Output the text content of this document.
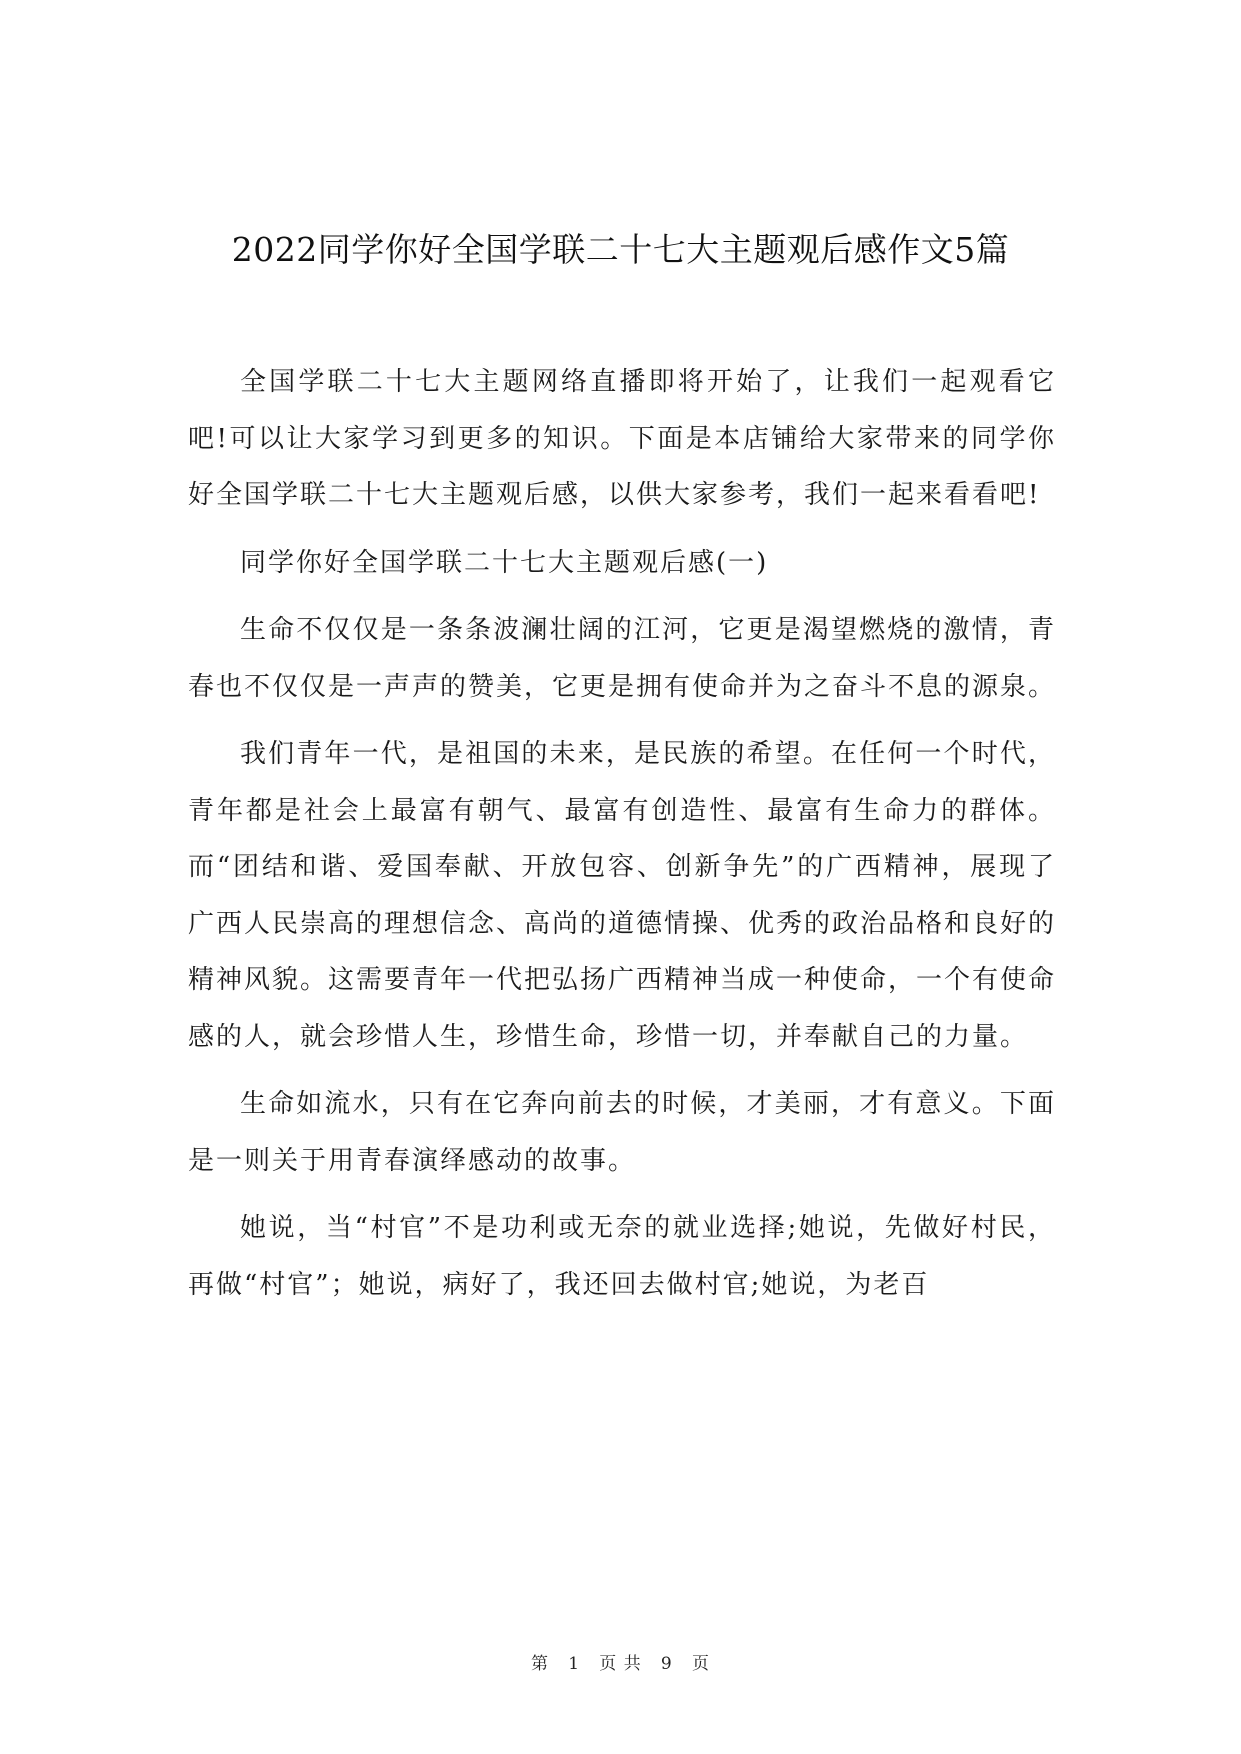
2022同学你好全国学联二十七大主题观后感作文5篇

全国学联二十七大主题网络直播即将开始了，让我们一起观看它吧!可以让大家学习到更多的知识。下面是本店铺给大家带来的同学你好全国学联二十七大主题观后感，以供大家参考，我们一起来看看吧!

同学你好全国学联二十七大主题观后感(一)

生命不仅仅是一条条波澜壮阔的江河，它更是渴望燃烧的激情，青春也不仅仅是一声声的赞美，它更是拥有使命并为之奋斗不息的源泉。

我们青年一代，是祖国的未来，是民族的希望。在任何一个时代，青年都是社会上最富有朝气、最富有创造性、最富有生命力的群体。而“团结和谐、爱国奉献、开放包容、创新争先”的广西精神，展现了广西人民崇高的理想信念、高尚的道德情操、优秀的政治品格和良好的精神风貌。这需要青年一代把弘扬广西精神当成一种使命，一个有使命感的人，就会珍惜人生，珍惜生命，珍惜一切，并奉献自己的力量。

生命如流水，只有在它奔向前去的时候，才美丽，才有意义。下面是一则关于用青春演绎感动的故事。

她说，当“村官”不是功利或无奈的就业选择;她说，先做好村民，再做“村官”；她说，病好了，我还回去做村官;她说，为老百

第 1 页 共 9 页
